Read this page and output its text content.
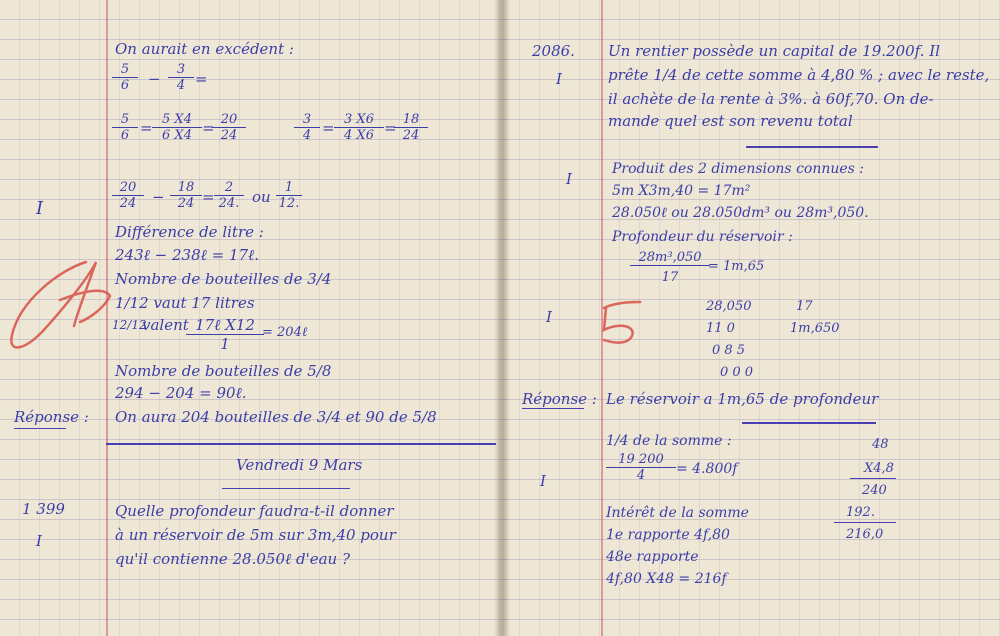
On aurait en excédent :
$\frac{5}{6} - \frac{3}{4}$ =
$\frac{5}{6} = \frac{5 X4}{6 X4}$ =
$\frac{20}{24}$	$\frac{3}{4} = \frac{3 X6}{4 X6}$ =
$\frac{18}{24}$
$\frac{20}{24} - \frac{18}{24} = \frac{2}{24.}$ ou $\frac{1}{12.}$
I
Différence de litre :
243ℓ − 238ℓ = 17ℓ.
Nombre de bouteilles de 3/4
1/12 vaut 17 litres
12/12
valent 17ℓ X12
1
= 204ℓ
Nombre de bouteilles de 5/8
294 − 204 = 90ℓ.
Réponse : On aura 204 bouteilles de 3/4 et 90 de 5/8
Vendredi 9 Mars
1 399
I
Quelle profondeur faudra-t-il donner
à un réservoir de 5m sur 3m,40 pour
qu'il contienne 28.050ℓ d'eau ?
2086.
I
Un rentier possède un capital de 19.200f. Il
prête 1/4 de cette somme à 4,80 % ; avec le reste,
il achète de la rente à 3%. à 60f,70. On de-
mande quel est son revenu total
I
Produit des 2 dimensions connues :
5m X3m,40 = 17m²
28.050ℓ ou 28.050dm³ ou 28m³,050.
Profondeur du réservoir :
$\frac{\text{28m³,050}}{17}$
= 1m,65
28,050	17
11 0	1m,650
0 8 5
0 0 0
I
Réponse : Le réservoir a 1m,65 de profondeur
1/4 de la somme :
$\frac{19 200}{4} = 4.800f$
I
Intérêt de la somme
1e rapporte 4f,80
48e rapporte
4f,80 X48 = 216f
48
X4,8
240
192.
216,0
